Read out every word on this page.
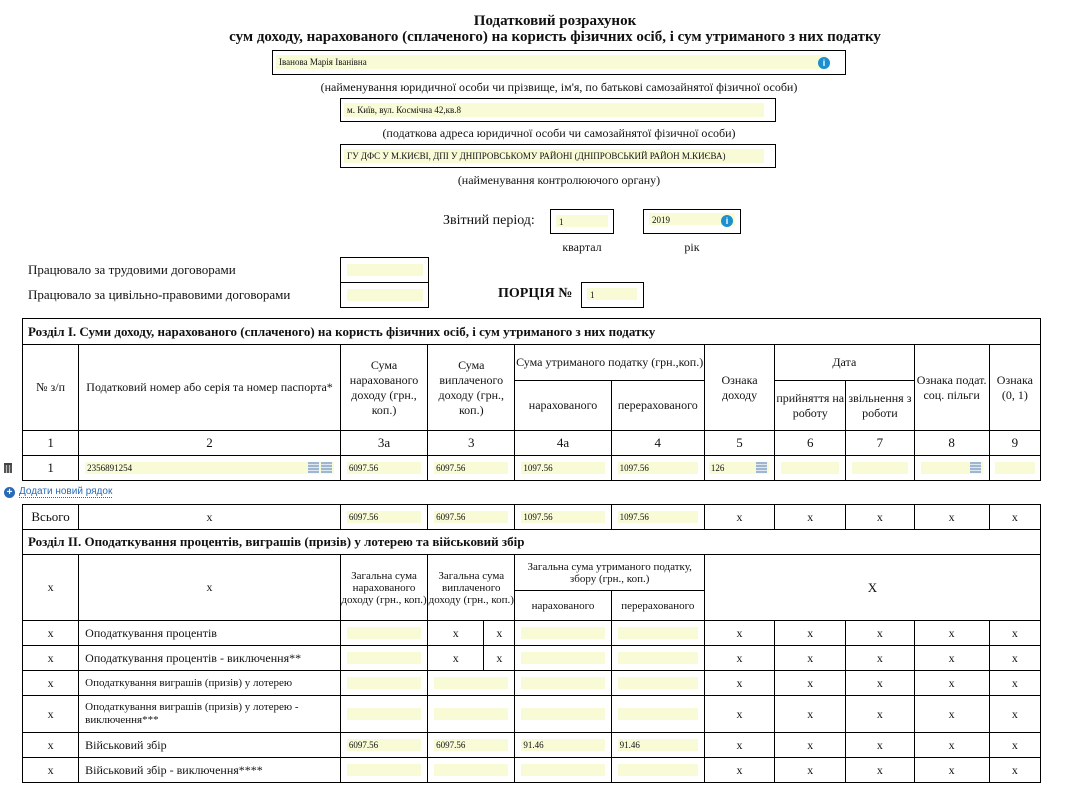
Податковий розрахунок
сум доходу, нарахованого (сплаченого) на користь фізичних осіб, і сум утриманого з них податку
Іванова Марія Іванівна	i
(найменування юридичної особи чи прізвище, ім'я, по батькові самозайнятої фізичної особи)
м. Київ, вул. Космічна 42,кв.8
(податкова адреса юридичної особи чи самозайнятої фізичної особи)
ГУ ДФС У М.КИЄВІ, ДПІ У ДНІПРОВСЬКОМУ РАЙОНІ (ДНІПРОВСЬКИЙ РАЙОН М.КИЄВА)
(найменування контролюючого органу)
Звітний період:	1
квартал
2019	i
рік
Працювало за трудовими договорами
Працювало за цивільно-правовими договорами	ПОРЦІЯ №	1
+ Додати новий рядок
Розділ I. Суми доходу, нарахованого (сплаченого) на користь фізичних осіб, і сум утриманого з них податку											
№ з/п	Податковий номер або серія та номер паспорта*	Сума нарахованого доходу (грн., коп.)	Сума виплаченого доходу (грн., коп.)		Сума утриманого податку (грн.,коп.)		Ознака доходу	Дата		Ознака подат. соц. пільги	Ознака (0, 1)
					нарахованого	перерахованого		прийняття на роботу	звільнення з роботи		
1	2	3а	3		4а	4	5	6	7	8	9
1	2356891254	6097.56	6097.56		1097.56	1097.56	126				

Всього	x	6097.56	6097.56		1097.56	1097.56	x	x	x	x	x
Розділ II. Оподаткування процентів, виграшів (призів) у лотерею та військовий збір											
x	x	Загальна сума нарахованого доходу (грн., коп.)	Загальна сума виплаченого доходу (грн., коп.)		Загальна сума утриманого податку, збору (грн., коп.)		X				
					нарахованого	перерахованого					
x	Оподаткування процентів		x	x			x	x	x	x	x
x	Оподаткування процентів - виключення**		x	x			x	x	x	x	x
x	Оподаткування виграшів (призів) у лотерею						x	x	x	x	x
x	Оподаткування виграшів (призів) у лотерею - виключення***						x	x	x	x	x
x	Військовий збір	6097.56	6097.56		91.46	91.46	x	x	x	x	x
x	Військовий збір - виключення****						x	x	x	x	x
